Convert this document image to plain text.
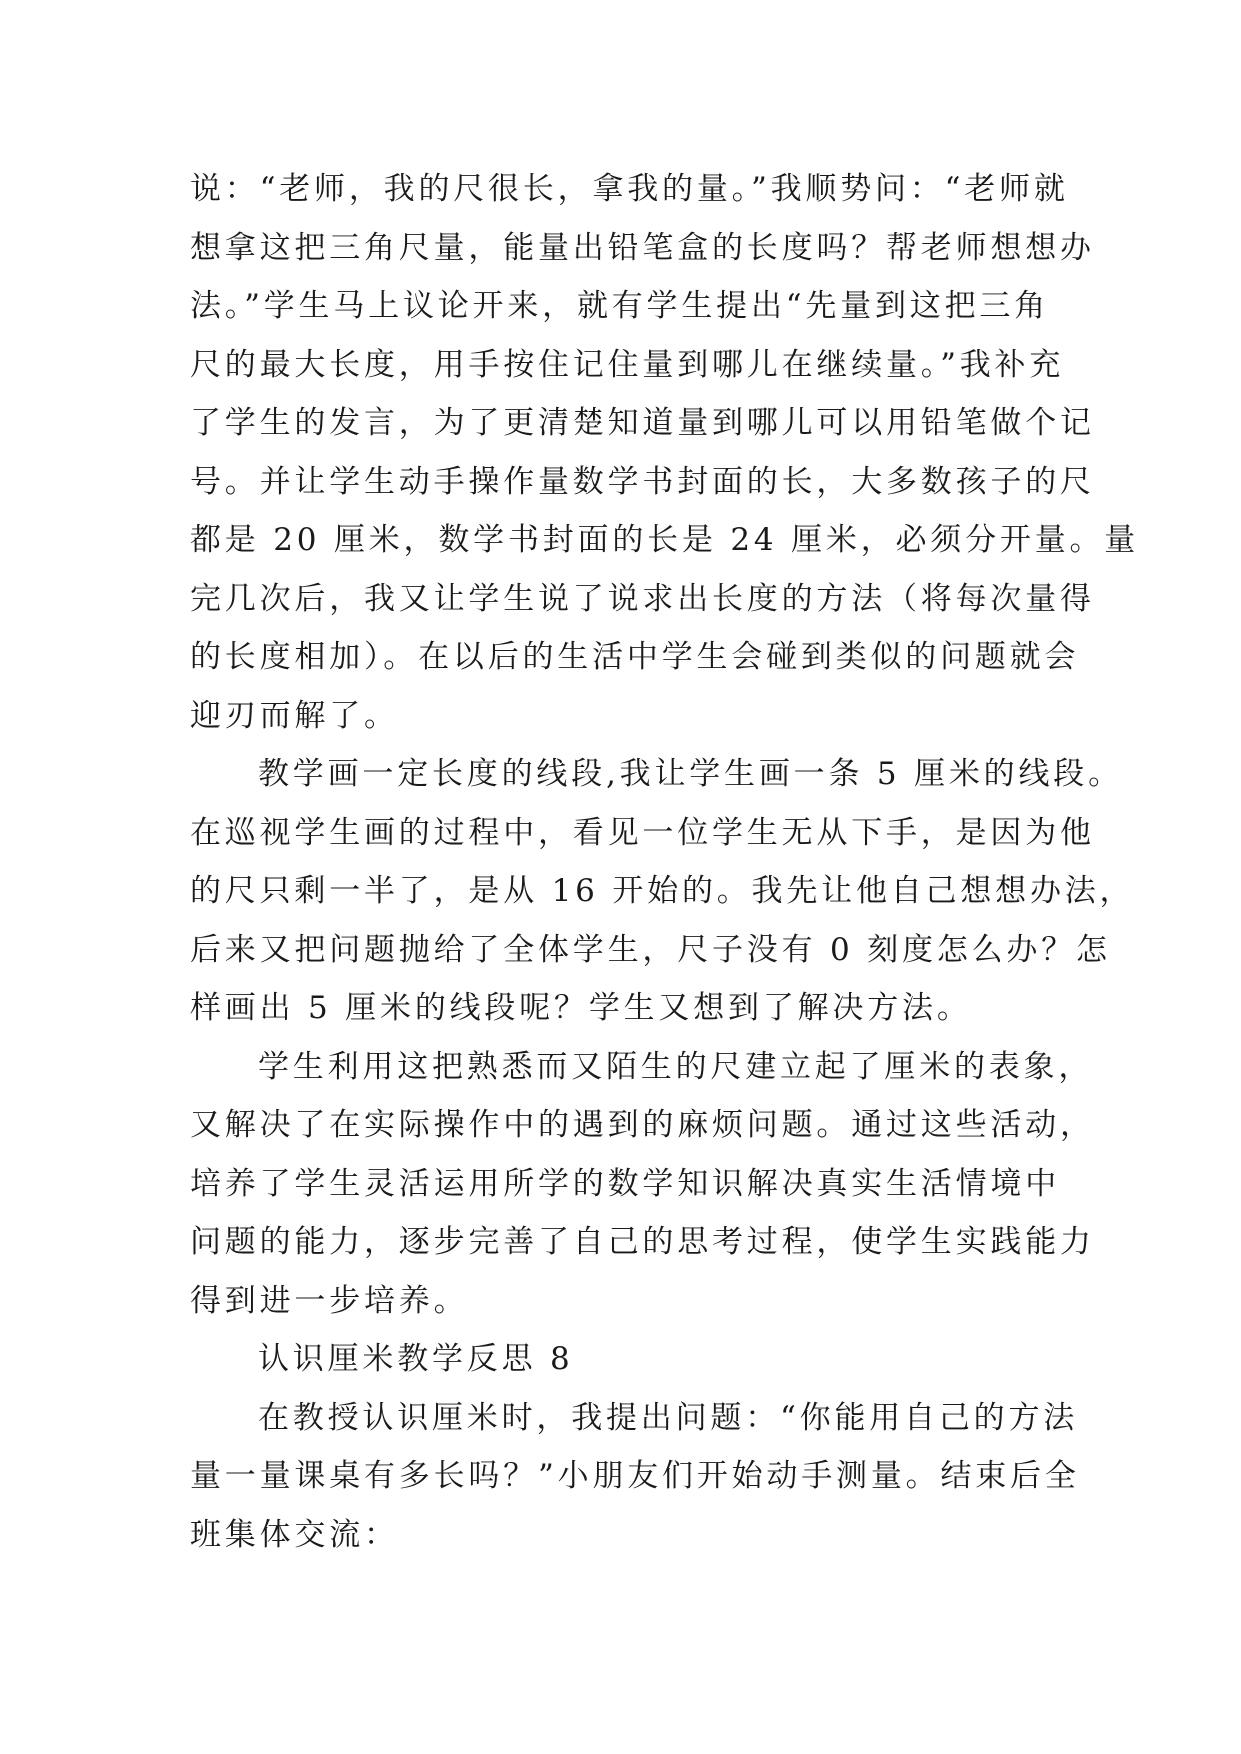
说：“老师，我的尺很长，拿我的量。”我顺势问：“老师就
想拿这把三角尺量，能量出铅笔盒的长度吗？帮老师想想办
法。”学生马上议论开来，就有学生提出“先量到这把三角
尺的最大长度，用手按住记住量到哪儿在继续量。”我补充
了学生的发言，为了更清楚知道量到哪儿可以用铅笔做个记
号。并让学生动手操作量数学书封面的长，大多数孩子的尺
都是 20 厘米，数学书封面的长是 24 厘米，必须分开量。量
完几次后，我又让学生说了说求出长度的方法（将每次量得
的长度相加）。在以后的生活中学生会碰到类似的问题就会
迎刃而解了。
教学画一定长度的线段,我让学生画一条 5 厘米的线段。
在巡视学生画的过程中，看见一位学生无从下手，是因为他
的尺只剩一半了，是从 16 开始的。我先让他自己想想办法，
后来又把问题抛给了全体学生，尺子没有 0 刻度怎么办？怎
样画出 5 厘米的线段呢？学生又想到了解决方法。
学生利用这把熟悉而又陌生的尺建立起了厘米的表象，
又解决了在实际操作中的遇到的麻烦问题。通过这些活动，
培养了学生灵活运用所学的数学知识解决真实生活情境中
问题的能力，逐步完善了自己的思考过程，使学生实践能力
得到进一步培养。
认识厘米教学反思 8
在教授认识厘米时，我提出问题：“你能用自己的方法
量一量课桌有多长吗？”小朋友们开始动手测量。结束后全
班集体交流：
